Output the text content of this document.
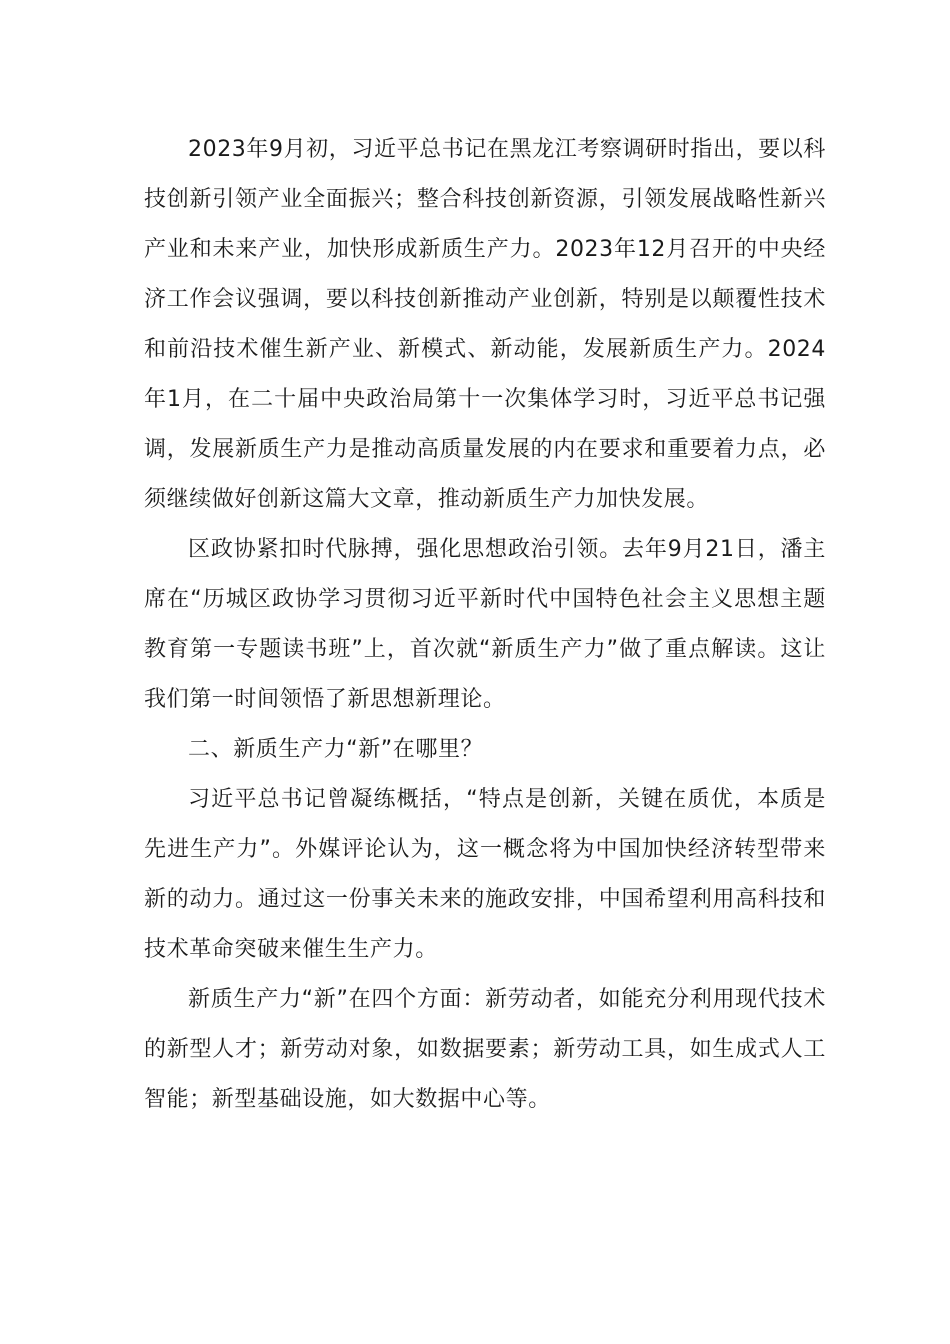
2023年9月初，习近平总书记在黑龙江考察调研时指出，要以科技创新引领产业全面振兴；整合科技创新资源，引领发展战略性新兴产业和未来产业，加快形成新质生产力。2023年12月召开的中央经济工作会议强调，要以科技创新推动产业创新，特别是以颠覆性技术和前沿技术催生新产业、新模式、新动能，发展新质生产力。2024年1月，在二十届中央政治局第十一次集体学习时，习近平总书记强调，发展新质生产力是推动高质量发展的内在要求和重要着力点，必须继续做好创新这篇大文章，推动新质生产力加快发展。

区政协紧扣时代脉搏，强化思想政治引领。去年9月21日，潘主席在“历城区政协学习贯彻习近平新时代中国特色社会主义思想主题教育第一专题读书班”上，首次就“新质生产力”做了重点解读。这让我们第一时间领悟了新思想新理论。

二、新质生产力“新”在哪里？

习近平总书记曾凝练概括，“特点是创新，关键在质优，本质是先进生产力”。外媒评论认为，这一概念将为中国加快经济转型带来新的动力。通过这一份事关未来的施政安排，中国希望利用高科技和技术革命突破来催生生产力。

新质生产力“新”在四个方面：新劳动者，如能充分利用现代技术的新型人才；新劳动对象，如数据要素；新劳动工具，如生成式人工智能；新型基础设施，如大数据中心等。
